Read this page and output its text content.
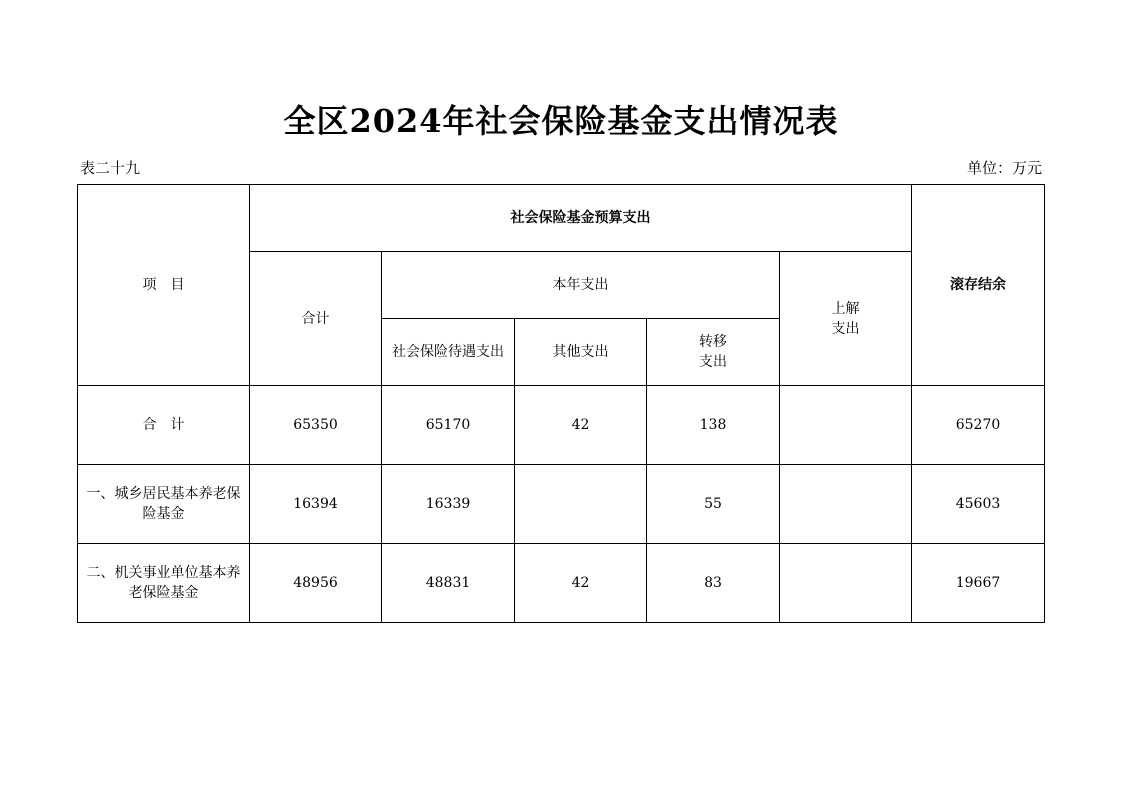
全区2024年社会保险基金支出情况表
表二十九	单位：万元
项　目	社会保险基金预算支出					滚存结余
	合计	本年支出			上解
支出	
		社会保险待遇支出	其他支出	转移
支出		
合　计	65350	65170	42	138		65270
一、城乡居民基本养老保险基金	16394	16339		55		45603
二、机关事业单位基本养老保险基金	48956	48831	42	83		19667
